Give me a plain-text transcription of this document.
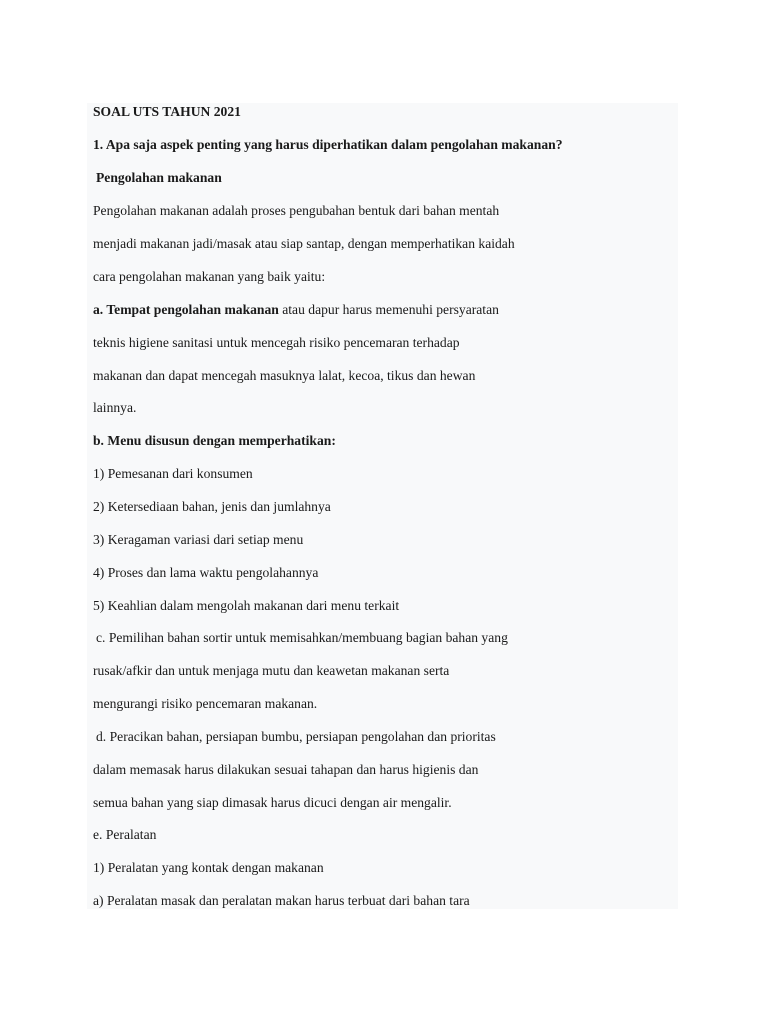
SOAL UTS TAHUN 2021

1. Apa saja aspek penting yang harus diperhatikan dalam pengolahan makanan?

Pengolahan makanan

Pengolahan makanan adalah proses pengubahan bentuk dari bahan mentah

menjadi makanan jadi/masak atau siap santap, dengan memperhatikan kaidah

cara pengolahan makanan yang baik yaitu:

a. Tempat pengolahan makanan atau dapur harus memenuhi persyaratan

teknis higiene sanitasi untuk mencegah risiko pencemaran terhadap

makanan dan dapat mencegah masuknya lalat, kecoa, tikus dan hewan

lainnya.

b. Menu disusun dengan memperhatikan:

1) Pemesanan dari konsumen

2) Ketersediaan bahan, jenis dan jumlahnya

3) Keragaman variasi dari setiap menu

4) Proses dan lama waktu pengolahannya

5) Keahlian dalam mengolah makanan dari menu terkait

c. Pemilihan bahan sortir untuk memisahkan/membuang bagian bahan yang

rusak/afkir dan untuk menjaga mutu dan keawetan makanan serta

mengurangi risiko pencemaran makanan.

d. Peracikan bahan, persiapan bumbu, persiapan pengolahan dan prioritas

dalam memasak harus dilakukan sesuai tahapan dan harus higienis dan

semua bahan yang siap dimasak harus dicuci dengan air mengalir.

e. Peralatan

1) Peralatan yang kontak dengan makanan

a) Peralatan masak dan peralatan makan harus terbuat dari bahan tara
